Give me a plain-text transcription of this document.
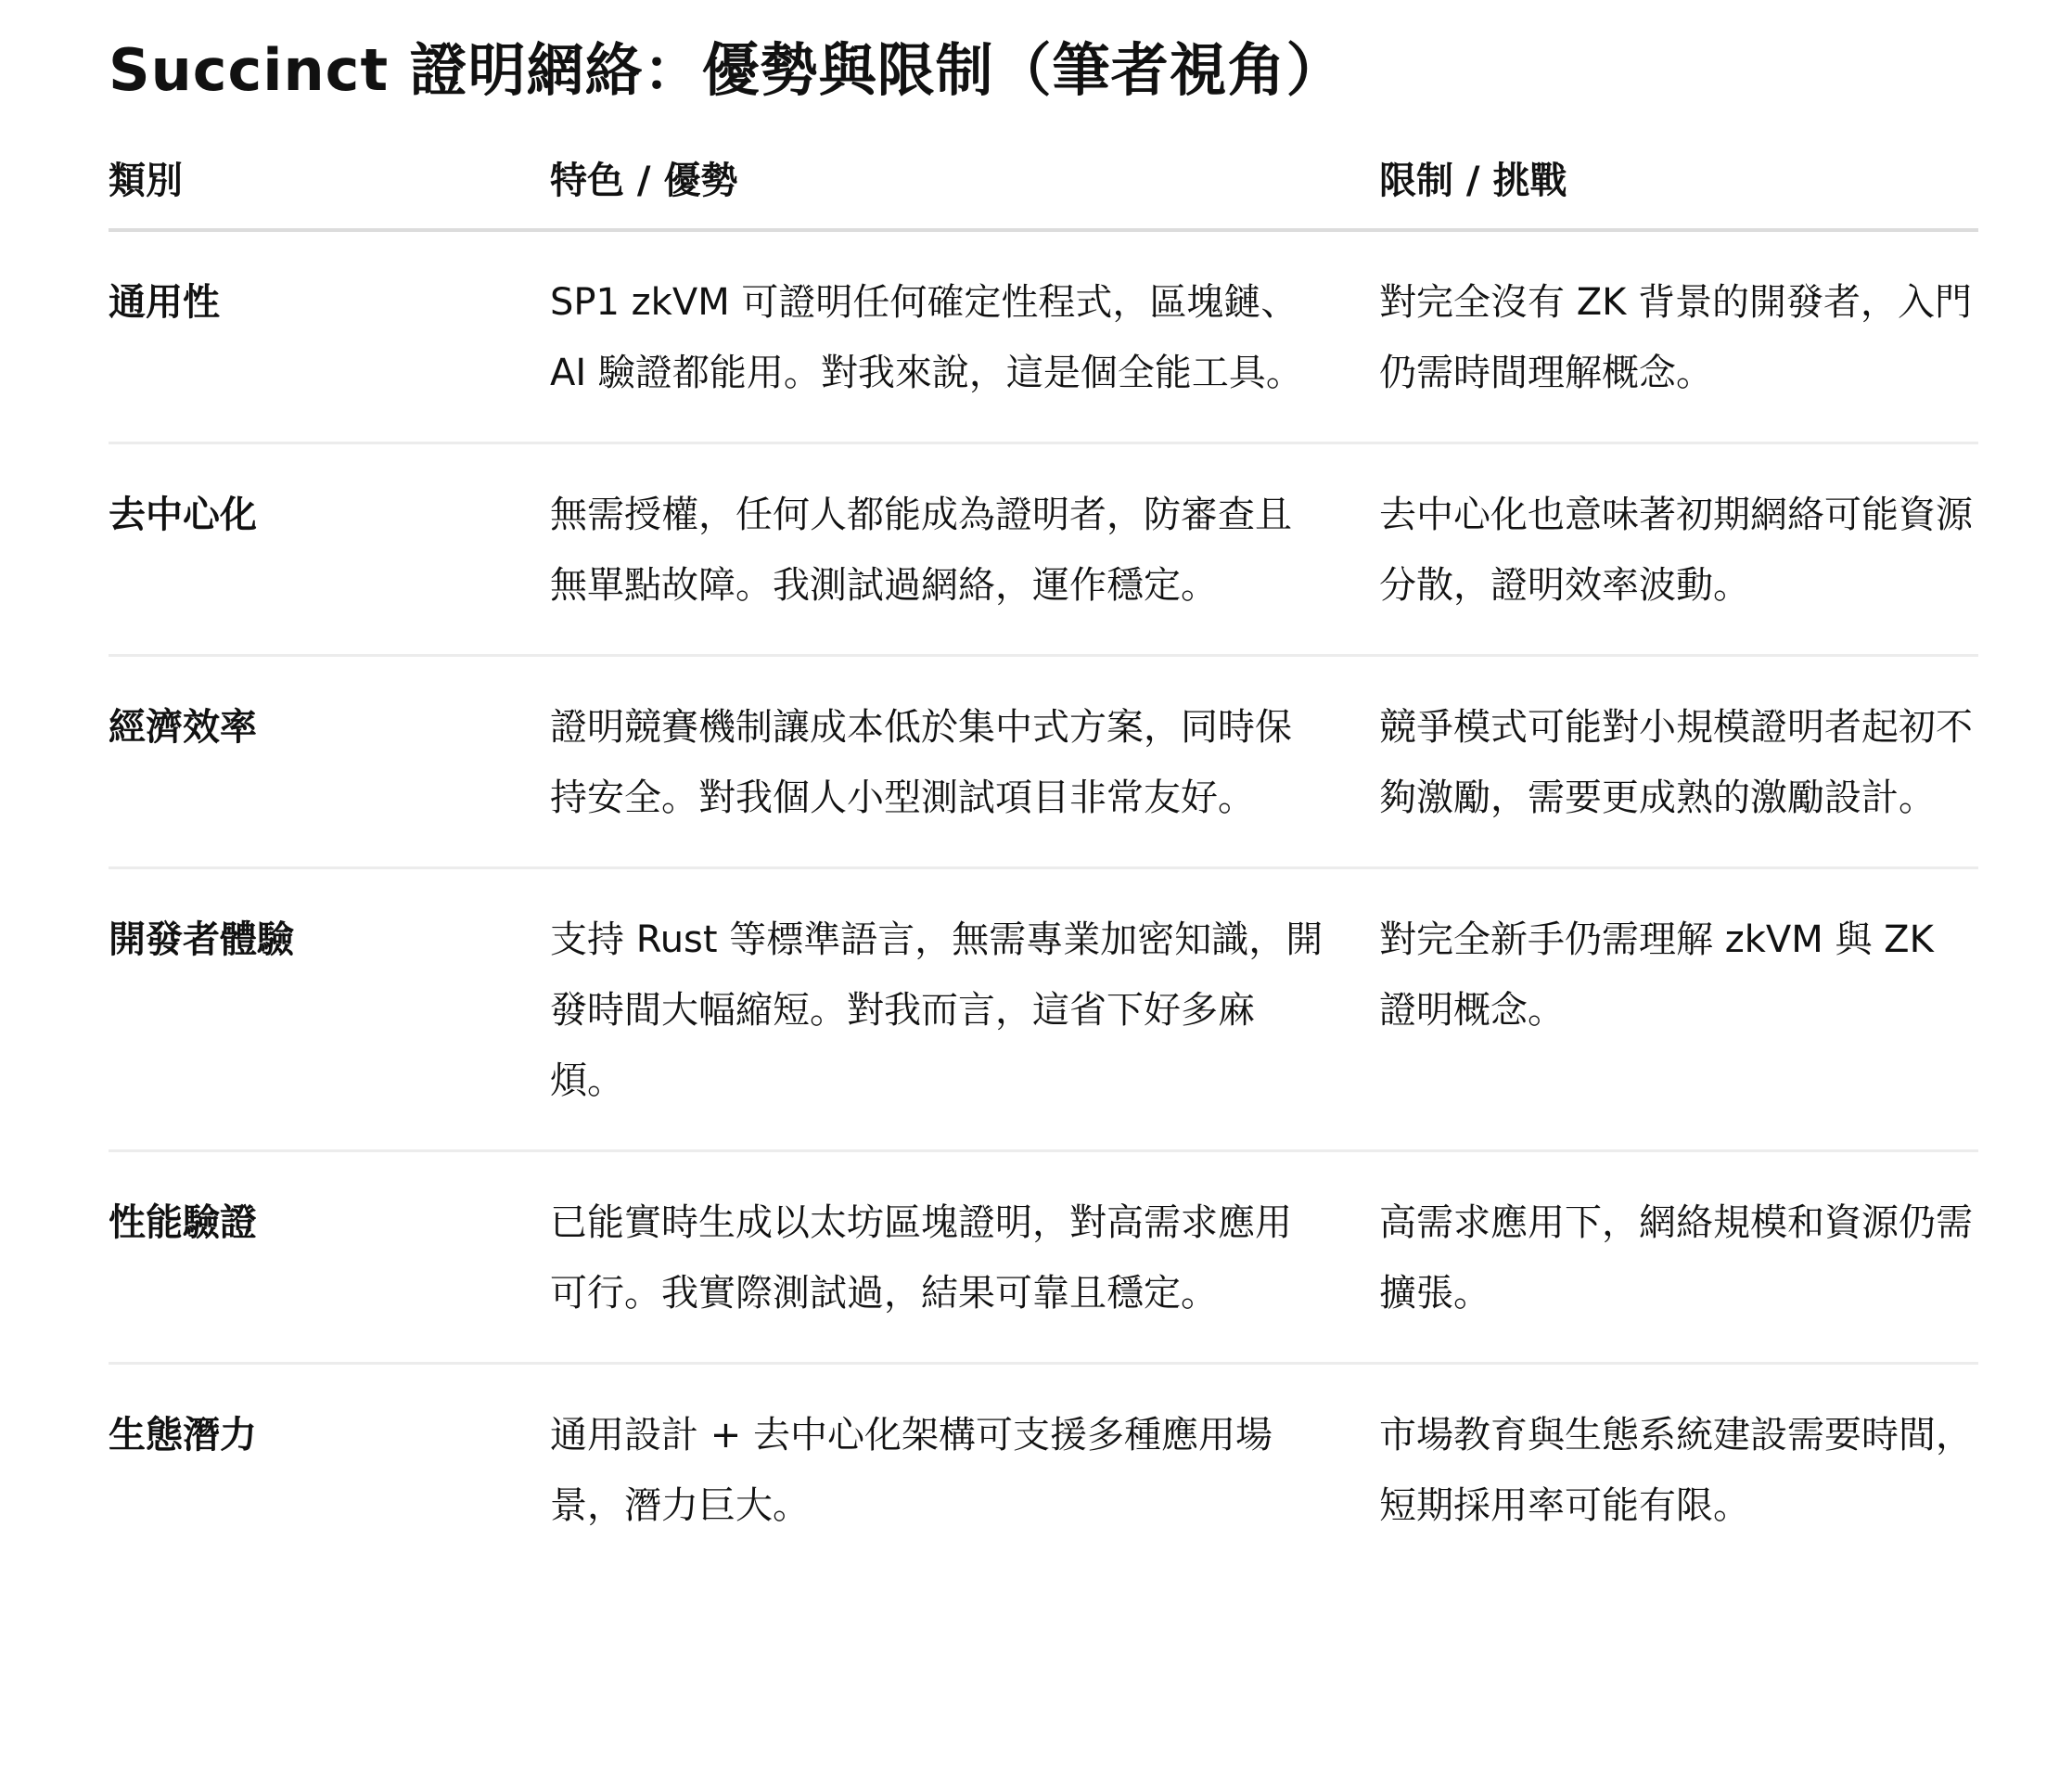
Succinct 證明網絡：優勢與限制（筆者視角）
類別	特色 / 優勢	限制 / 挑戰
通用性	SP1 zkVM 可證明任何確定性程式，區塊鏈、AI 驗證都能用。對我來說，這是個全能工具。	對完全沒有 ZK 背景的開發者，入門仍需時間理解概念。
去中心化	無需授權，任何人都能成為證明者，防審查且無單點故障。我測試過網絡，運作穩定。	去中心化也意味著初期網絡可能資源分散，證明效率波動。
經濟效率	證明競賽機制讓成本低於集中式方案，同時保持安全。對我個人小型測試項目非常友好。	競爭模式可能對小規模證明者起初不夠激勵，需要更成熟的激勵設計。
開發者體驗	支持 Rust 等標準語言，無需專業加密知識，開發時間大幅縮短。對我而言，這省下好多麻煩。	對完全新手仍需理解 zkVM 與 ZK 證明概念。
性能驗證	已能實時生成以太坊區塊證明，對高需求應用可行。我實際測試過，結果可靠且穩定。	高需求應用下，網絡規模和資源仍需擴張。
生態潛力	通用設計 + 去中心化架構可支援多種應用場景，潛力巨大。	市場教育與生態系統建設需要時間，短期採用率可能有限。
